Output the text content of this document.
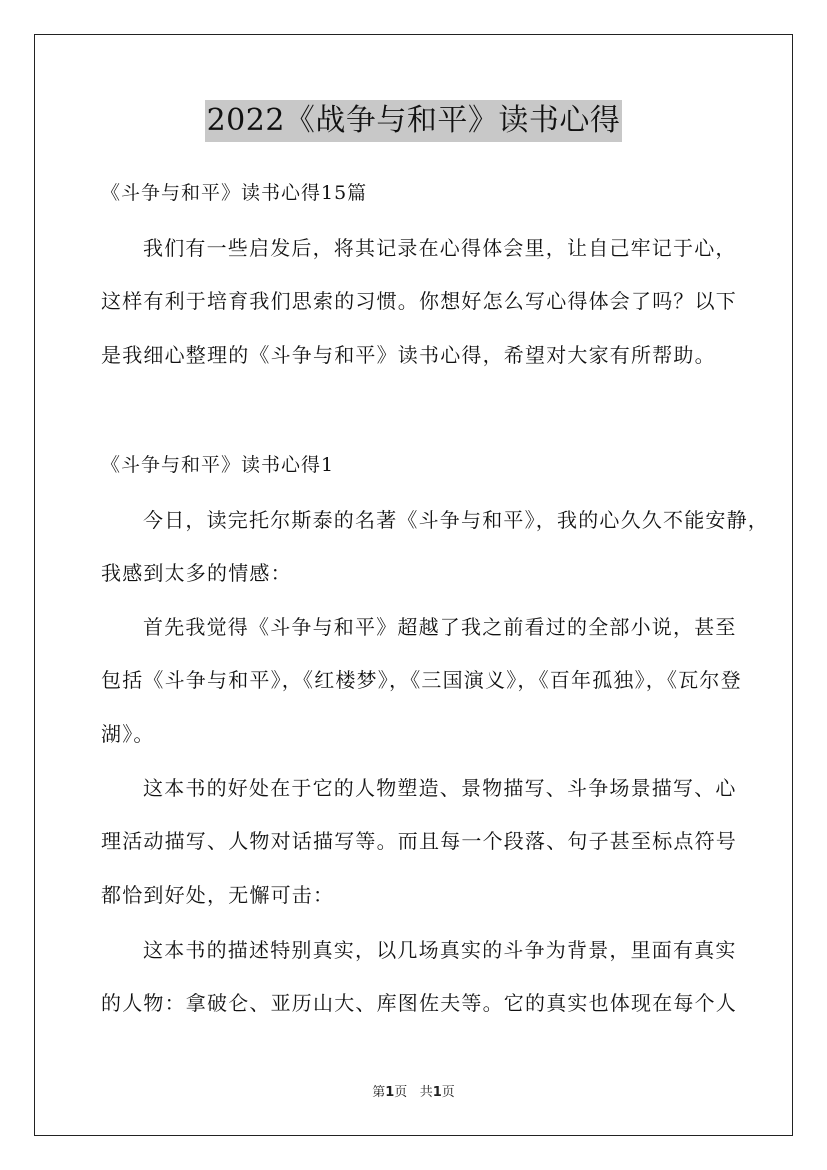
2022《战争与和平》读书心得

《斗争与和平》读书心得15篇

我们有一些启发后，将其记录在心得体会里，让自己牢记于心，

这样有利于培育我们思索的习惯。你想好怎么写心得体会了吗？以下

是我细心整理的《斗争与和平》读书心得，希望对大家有所帮助。

《斗争与和平》读书心得1

今日，读完托尔斯泰的名著《斗争与和平》，我的心久久不能安静，

我感到太多的情感：

首先我觉得《斗争与和平》超越了我之前看过的全部小说，甚至

包括《斗争与和平》，《红楼梦》，《三国演义》，《百年孤独》，《瓦尔登

湖》。

这本书的好处在于它的人物塑造、景物描写、斗争场景描写、心

理活动描写、人物对话描写等。而且每一个段落、句子甚至标点符号

都恰到好处，无懈可击：

这本书的描述特别真实，以几场真实的斗争为背景，里面有真实

的人物：拿破仑、亚历山大、库图佐夫等。它的真实也体现在每个人

第1页 共1页
